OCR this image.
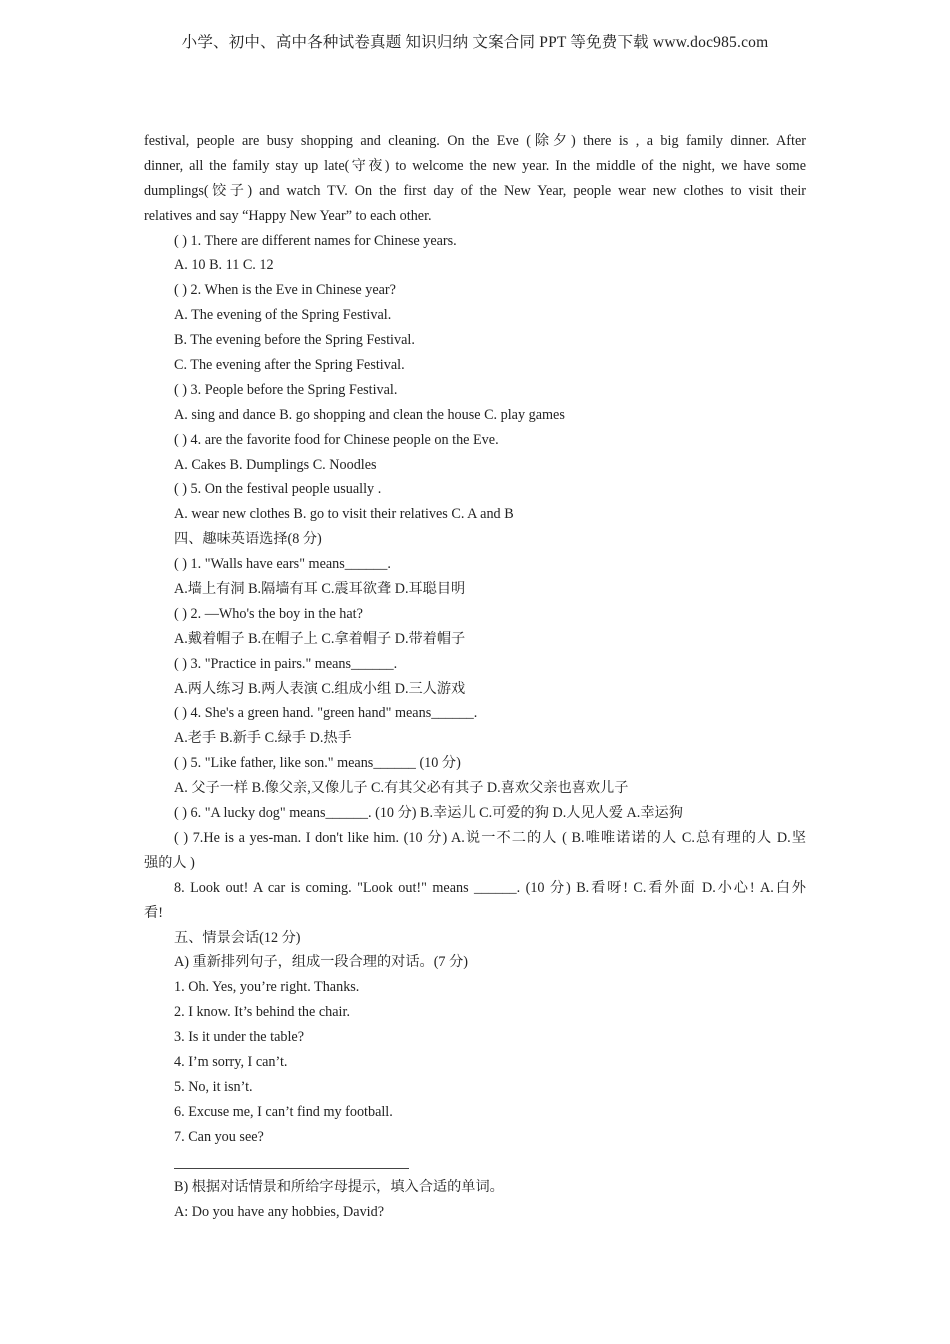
小学、初中、高中各种试卷真题 知识归纳 文案合同 PPT 等免费下载 www.doc985.com
festival, people are busy shopping and cleaning. On the Eve (除夕) there is , a big family dinner. After
dinner, all the family stay up late(守夜) to welcome the new year. In the middle of the night, we have some
dumplings(饺子) and watch TV. On the first day of the New Year, people wear new clothes to visit their
relatives and say “Happy New Year” to each other.
( ) 1. There are different names for Chinese years.
A. 10 B. 11 C. 12
( ) 2. When is the Eve in Chinese year?
A. The evening of the Spring Festival.
B. The evening before the Spring Festival.
C. The evening after the Spring Festival.
( ) 3. People before the Spring Festival.
A. sing and dance B. go shopping and clean the house C. play games
( ) 4. are the favorite food for Chinese people on the Eve.
A. Cakes B. Dumplings C. Noodles
( ) 5. On the festival people usually .
A. wear new clothes B. go to visit their relatives C. A and B
四、趣味英语选择(8 分)
( ) 1. "Walls have ears" means______.
A.墙上有洞 B.隔墙有耳 C.震耳欲聋 D.耳聪目明
( ) 2. —Who's the boy in the hat?
A.戴着帽子 B.在帽子上 C.拿着帽子 D.带着帽子
( ) 3. "Practice in pairs." means______.
A.两人练习 B.两人表演 C.组成小组 D.三人游戏
( ) 4. She's a green hand. "green hand" means______.
A.老手 B.新手 C.绿手 D.热手
( ) 5. "Like father, like son." means______ (10 分)
A. 父子一样 B.像父亲,又像儿子 C.有其父必有其子 D.喜欢父亲也喜欢儿子
( ) 6. "A lucky dog" means______. (10 分) B.幸运儿 C.可爱的狗 D.人见人爱 A.幸运狗
( ) 7.He is a yes-man. I don't like him. (10 分) A.说一不二的人 ( B.唯唯诺诺的人 C.总有理的人 D.坚
强的人 )
8. Look out! A car is coming. "Look out!" means ______. (10 分) B.看呀! C.看外面 D.小心! A.白外
看!
五、情景会话(12 分)
A) 重新排列句子，组成一段合理的对话。(7 分)
1. Oh. Yes, you’re right. Thanks.
2. I know. It’s behind the chair.
3. Is it under the table?
4. I’m sorry, I can’t.
5. No, it isn’t.
6. Excuse me, I can’t find my football.
7. Can you see?
B) 根据对话情景和所给字母提示，填入合适的单词。
A: Do you have any hobbies, David?
